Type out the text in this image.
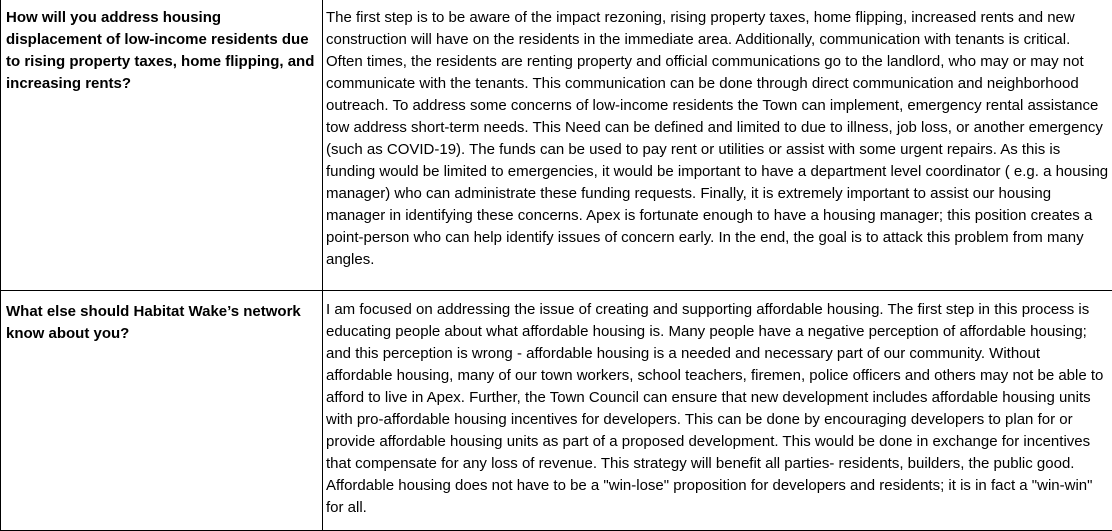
How will you address housing displacement of low-income residents due to rising property taxes, home flipping, and increasing rents?	The first step is to be aware of the impact rezoning, rising property taxes, home flipping, increased rents and new construction will have on the residents in the immediate area. Additionally, communication with tenants is critical. Often times, the residents are renting property and official communications go to the landlord, who may or may not communicate with the tenants. This communication can be done through direct communication and neighborhood outreach. To address some concerns of low-income residents the Town can implement, emergency rental assistance tow address short-term needs. This Need can be defined and limited to due to illness, job loss, or another emergency (such as COVID-19). The funds can be used to pay rent or utilities or assist with some urgent repairs. As this is funding would be limited to emergencies, it would be important to have a department level coordinator ( e.g. a housing manager) who can administrate these funding requests. Finally, it is extremely important to assist our housing manager in identifying these concerns. Apex is fortunate enough to have a housing manager; this position creates a point-person who can help identify issues of concern early. In the end, the goal is to attack this problem from many angles.
What else should Habitat Wake’s network know about you?	I am focused on addressing the issue of creating and supporting affordable housing. The first step in this process is educating people about what affordable housing is. Many people have a negative perception of affordable housing; and this perception is wrong - affordable housing is a needed and necessary part of our community. Without affordable housing, many of our town workers, school teachers, firemen, police officers and others may not be able to afford to live in Apex. Further, the Town Council can ensure that new development includes affordable housing units with pro-affordable housing incentives for developers. This can be done by encouraging developers to plan for or provide affordable housing units as part of a proposed development. This would be done in exchange for incentives that compensate for any loss of revenue. This strategy will benefit all parties- residents, builders, the public good. Affordable housing does not have to be a "win-lose" proposition for developers and residents; it is in fact a "win-win" for all.
